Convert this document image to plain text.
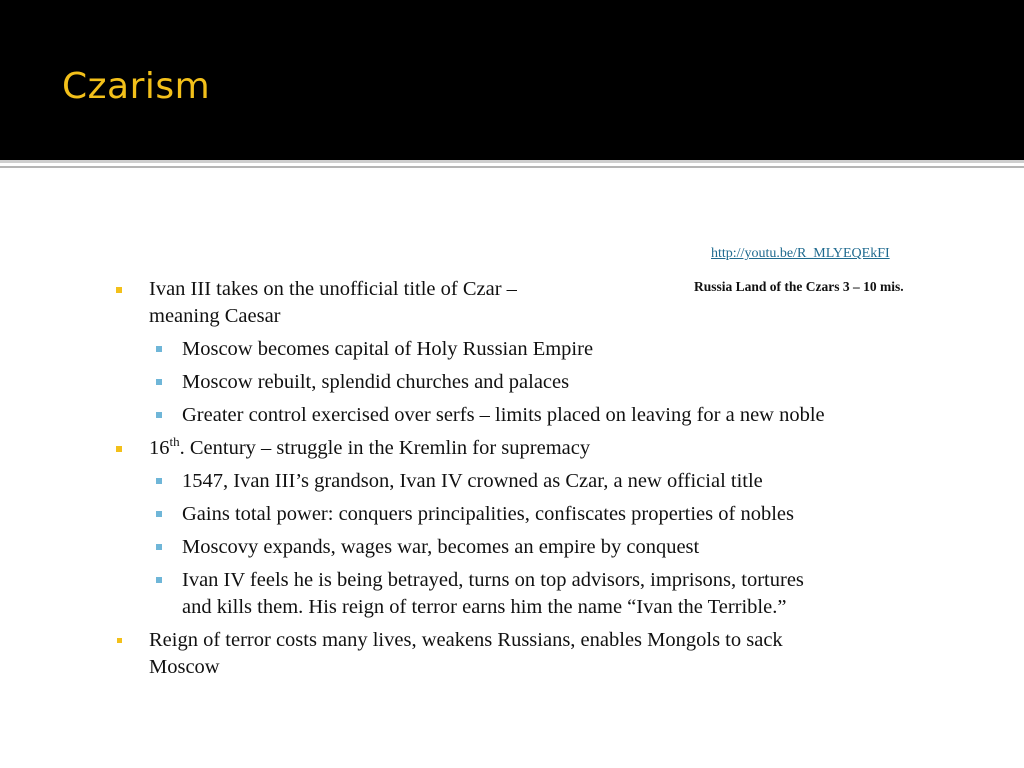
Czarism
http://youtu.be/R_MLYEQEkFI
Russia Land of the Czars 3 – 10 mis.
Ivan III takes on the unofficial title of Czar –
meaning Caesar
Moscow becomes capital of Holy Russian Empire
Moscow rebuilt, splendid churches and palaces
Greater control exercised over serfs – limits placed on leaving for a new noble
16th. Century – struggle in the Kremlin for supremacy
1547, Ivan III’s grandson, Ivan IV crowned as Czar, a new official title
Gains total power: conquers principalities, confiscates properties of nobles
Moscovy expands, wages war, becomes an empire by conquest
Ivan IV feels he is being betrayed, turns on top advisors, imprisons, tortures
and kills them. His reign of terror earns him the name “Ivan the Terrible.”
Reign of terror costs many lives, weakens Russians, enables Mongols to sack
Moscow
